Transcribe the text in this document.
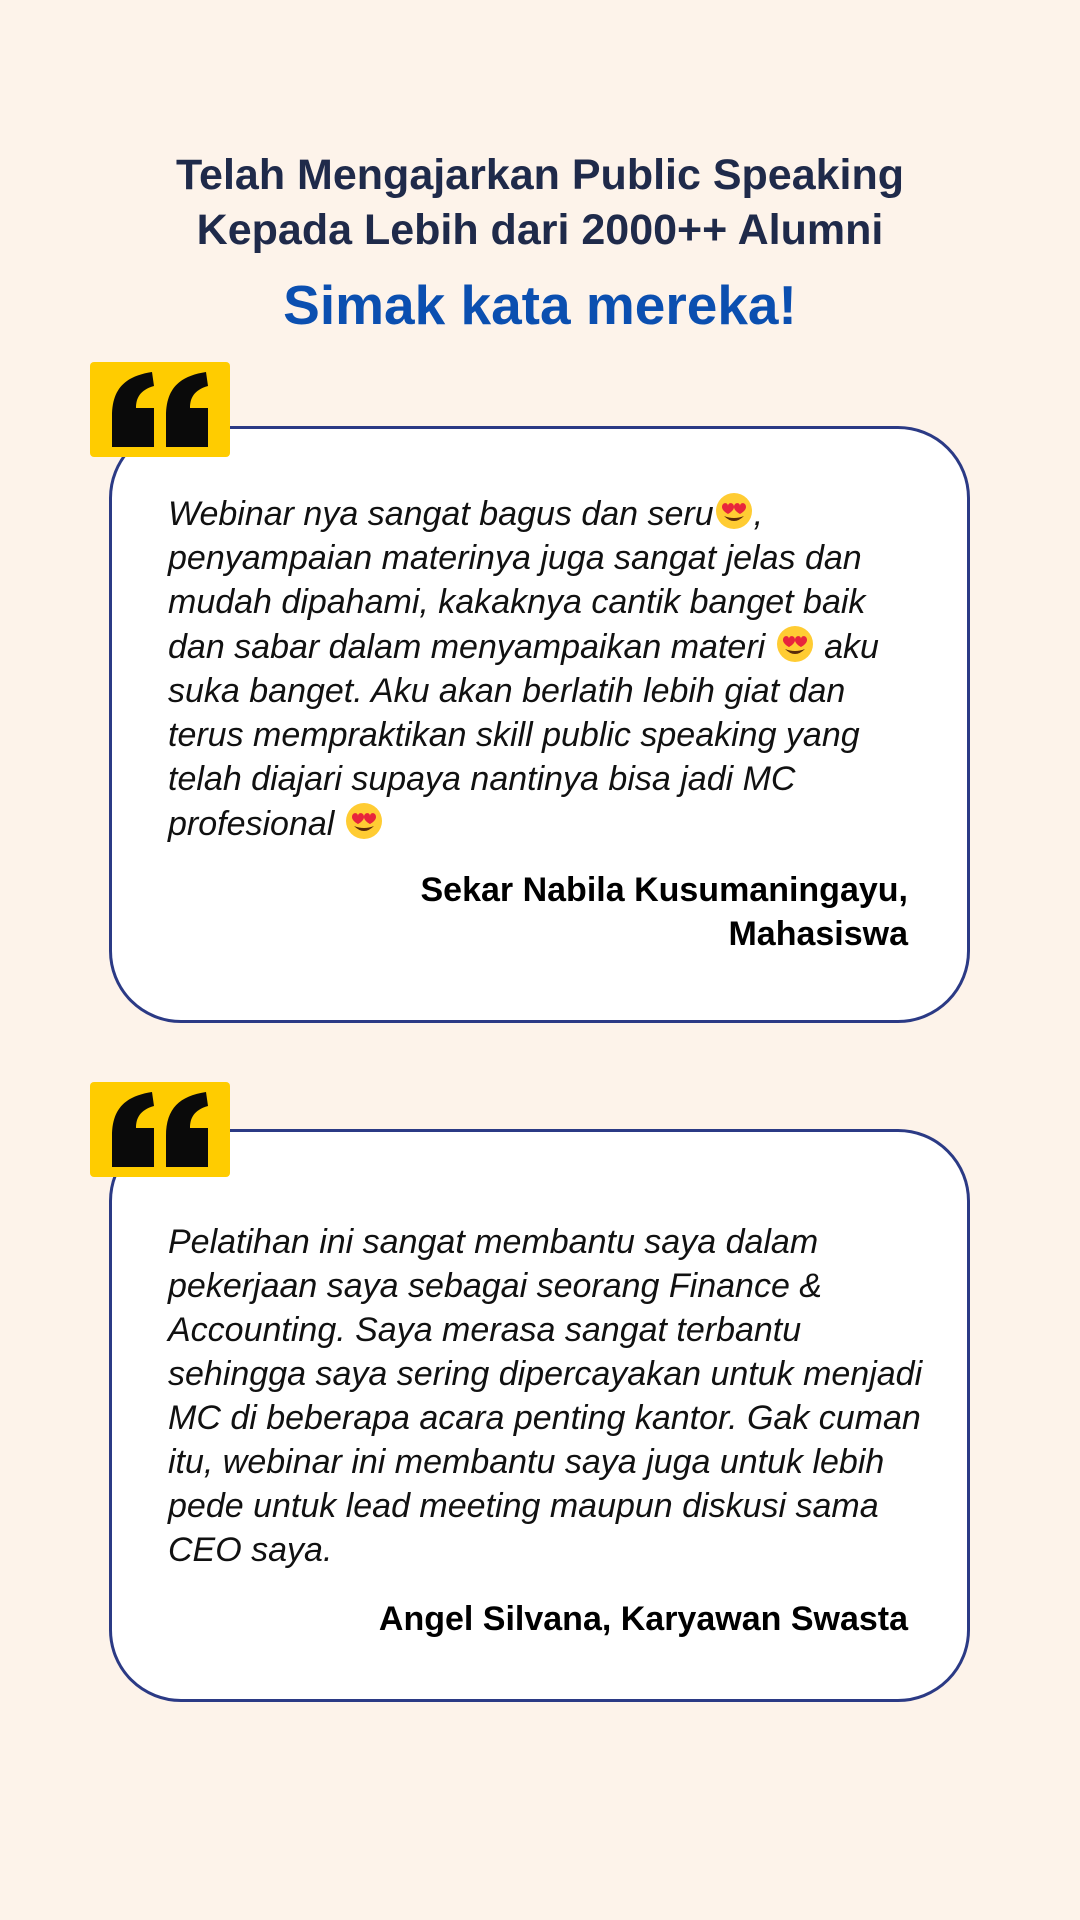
Telah Mengajarkan Public Speaking
Kepada Lebih dari 2000++ Alumni
Simak kata mereka!
Webinar nya sangat bagus dan seru , penyampaian materinya juga sangat jelas dan mudah dipahami, kakaknya cantik banget baik dan sabar dalam menyampaikan materi
aku suka banget. Aku akan berlatih lebih giat dan terus mempraktikan skill public speaking yang telah diajari supaya nantinya bisa jadi MC profesional
Sekar Nabila Kusumaningayu,
Mahasiswa
Pelatihan ini sangat membantu saya dalam pekerjaan saya sebagai seorang Finance & Accounting. Saya merasa sangat terbantu sehingga saya sering dipercayakan untuk menjadi MC di beberapa acara penting kantor. Gak cuman itu, webinar ini membantu saya juga untuk lebih pede untuk lead meeting maupun diskusi sama CEO saya.
Angel Silvana, Karyawan Swasta
